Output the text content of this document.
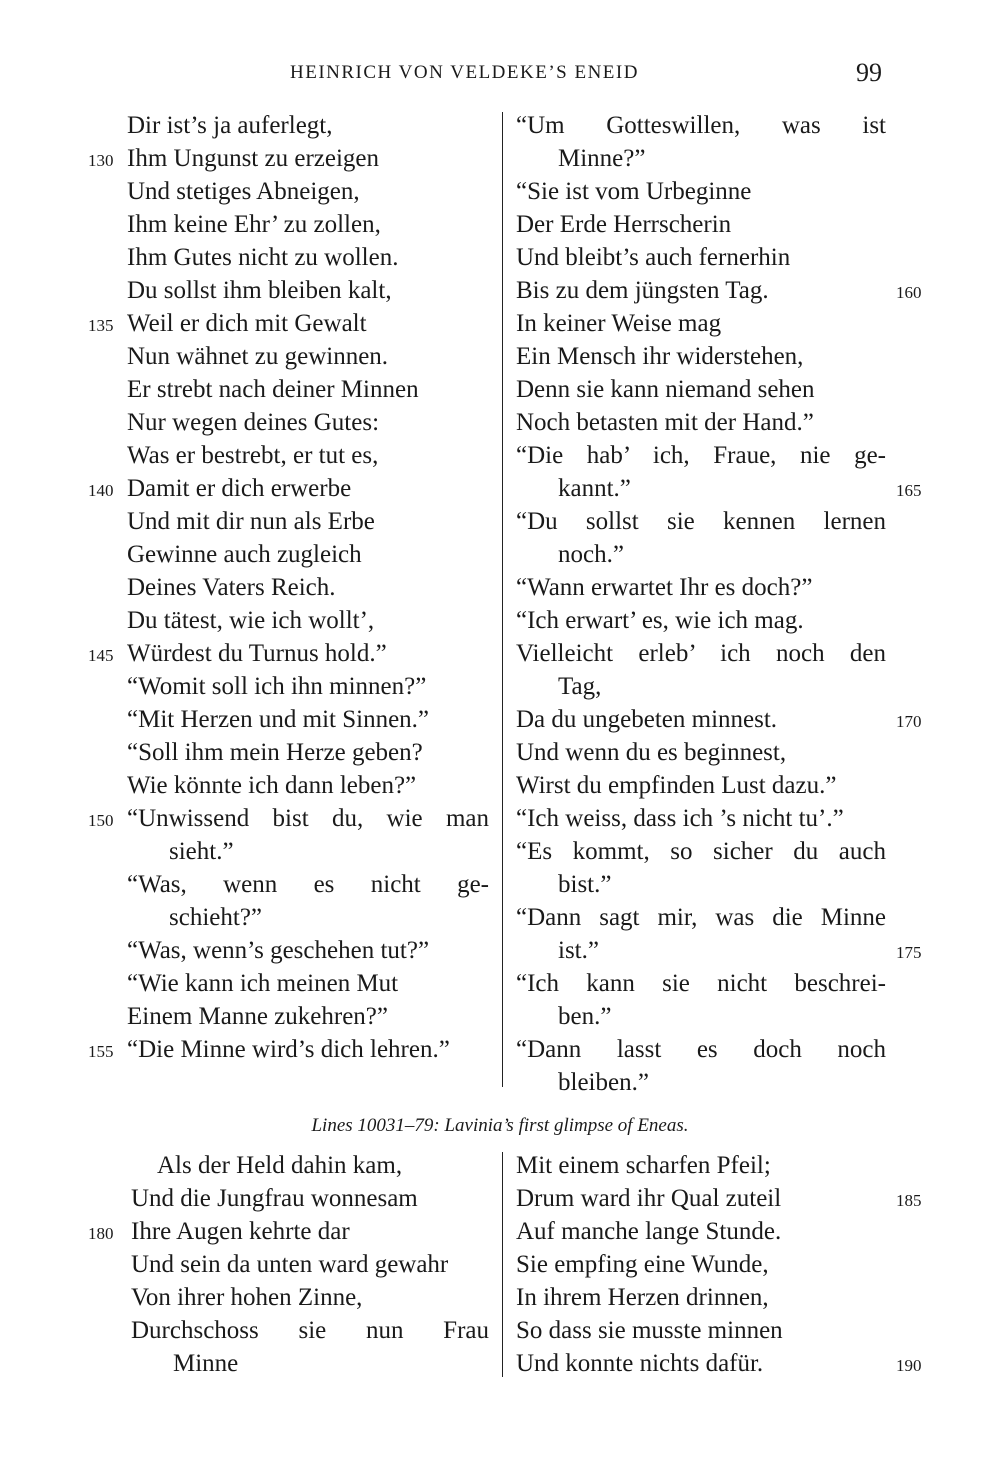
HEINRICH VON VELDEKE’S ENEID	99
Dir ist’s ja auferlegt,
Ihm Ungunst zu erzeigen
Und stetiges Abneigen,
Ihm keine Ehr’ zu zollen,
Ihm Gutes nicht zu wollen.
Du sollst ihm bleiben kalt,
Weil er dich mit Gewalt
Nun wähnet zu gewinnen.
Er strebt nach deiner Minnen
Nur wegen deines Gutes:
Was er bestrebt, er tut es,
Damit er dich erwerbe
Und mit dir nun als Erbe
Gewinne auch zugleich
Deines Vaters Reich.
Du tätest, wie ich wollt’,
Würdest du Turnus hold.”
“Womit soll ich ihn minnen?”
“Mit Herzen und mit Sinnen.”
“Soll ihm mein Herze geben?
Wie könnte ich dann leben?”
“Unwissend bist du, wie man
sieht.”
“Was, wenn es nicht ge-
schieht?”
“Was, wenn’s geschehen tut?”
“Wie kann ich meinen Mut
Einem Manne zukehren?”
“Die Minne wird’s dich lehren.”
“Um Gotteswillen, was ist
Minne?”
“Sie ist vom Urbeginne
Der Erde Herrscherin
Und bleibt’s auch fernerhin
Bis zu dem jüngsten Tag.
In keiner Weise mag
Ein Mensch ihr widerstehen,
Denn sie kann niemand sehen
Noch betasten mit der Hand.”
“Die hab’ ich, Fraue, nie ge-
kannt.”
“Du sollst sie kennen lernen
noch.”
“Wann erwartet Ihr es doch?”
“Ich erwart’ es, wie ich mag.
Vielleicht erleb’ ich noch den
Tag,
Da du ungebeten minnest.
Und wenn du es beginnest,
Wirst du empfinden Lust dazu.”
“Ich weiss, dass ich ’s nicht tu’.”
“Es kommt, so sicher du auch
bist.”
“Dann sagt mir, was die Minne
ist.”
“Ich kann sie nicht beschrei-
ben.”
“Dann lasst es doch noch
bleiben.”
Lines 10031–79: Lavinia’s first glimpse of Eneas.
Als der Held dahin kam,
Und die Jungfrau wonnesam
Ihre Augen kehrte dar
Und sein da unten ward gewahr
Von ihrer hohen Zinne,
Durchschoss sie nun Frau
Minne
Mit einem scharfen Pfeil;
Drum ward ihr Qual zuteil
Auf manche lange Stunde.
Sie empfing eine Wunde,
In ihrem Herzen drinnen,
So dass sie musste minnen
Und konnte nichts dafür.
130
135
140
145
150
155
160
165
170
175
180
185
190
